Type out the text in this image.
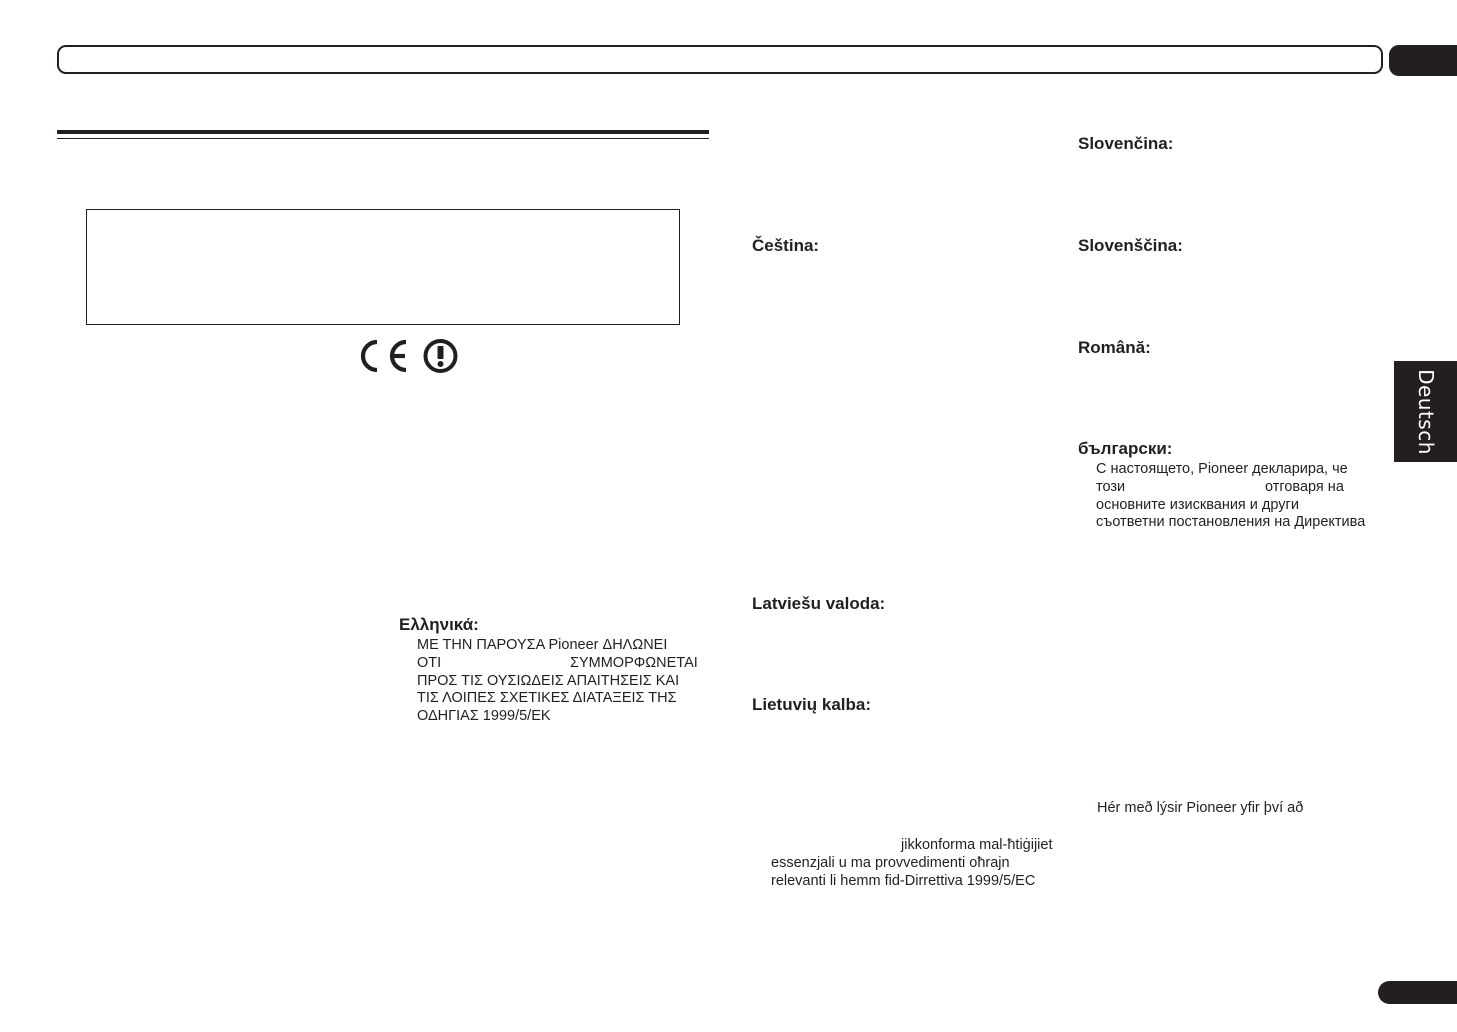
Deutsch
Ελληνικά:
ΜΕ ΤΗΝ ΠΑΡΟΥΣΑ Pioneer ΔΗΛΩΝΕΙ
ΟΤΙ	ΣΥΜΜΟΡΦΩΝΕΤΑΙ
ΠΡΟΣ ΤΙΣ ΟΥΣΙΩΔΕΙΣ ΑΠΑΙΤΗΣΕΙΣ ΚΑΙ
ΤΙΣ ΛΟΙΠΕΣ ΣΧΕΤΙΚΕΣ ΔΙΑΤΑΞΕΙΣ ΤΗΣ
ΟΔΗΓΙΑΣ 1999/5/ΕΚ
Čeština:
Latviešu valoda:
Lietuvių kalba:
jikkonforma mal-ħtiġijiet
essenzjali u ma provvedimenti oħrajn
relevanti li hemm fid-Dirrettiva 1999/5/EC
Slovenčina:
Slovenščina:
Română:
български:
С настоящето, Pioneer декларира, че
този	отговаря на
основните изисквания и други
съответни постановления на Директива
Hér með lýsir Pioneer yfir því að
